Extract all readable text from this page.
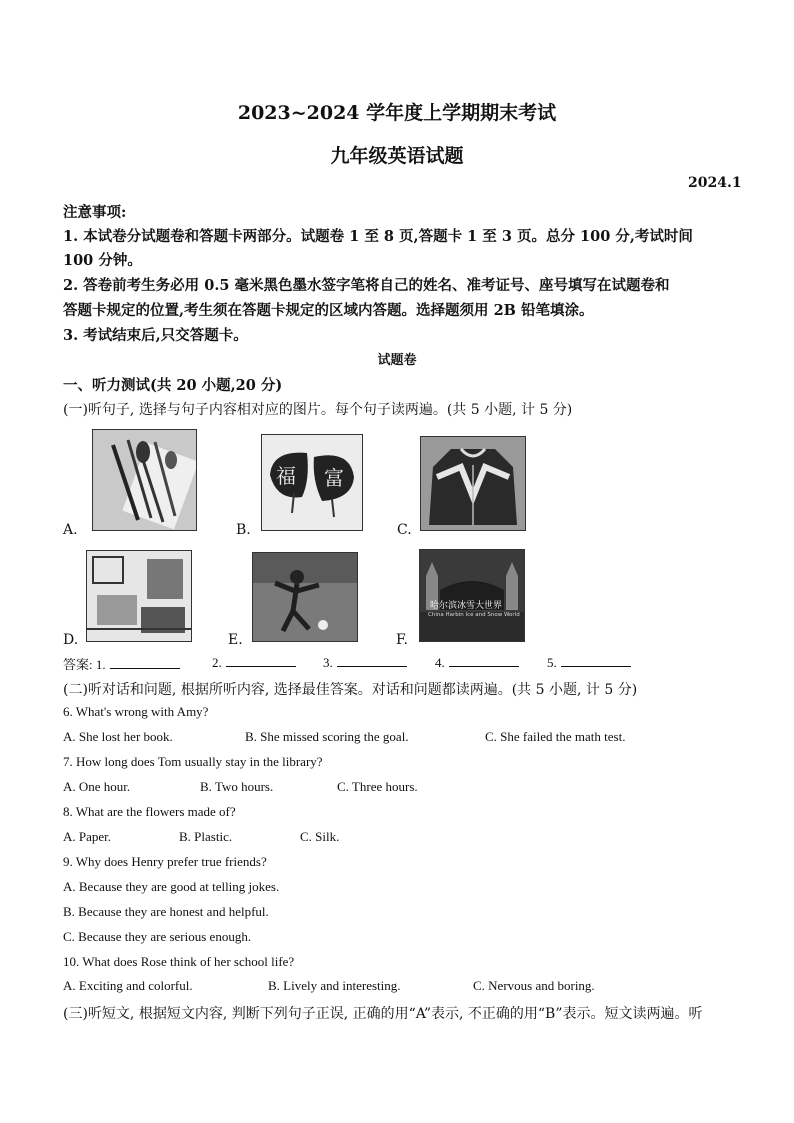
2023~2024 学年度上学期期末考试
九年级英语试题
2024.1
注意事项:
1. 本试卷分试题卷和答题卡两部分。试题卷 1 至 8 页,答题卡 1 至 3 页。总分 100 分,考试时间
100 分钟。
2. 答卷前考生务必用 0.5 毫米黑色墨水签字笔将自己的姓名、准考证号、座号填写在试题卷和
答题卡规定的位置,考生须在答题卡规定的区域内答题。选择题须用 2B 铅笔填涂。
3. 考试结束后,只交答题卡。
试题卷
一、听力测试(共 20 小题,20 分)
(一)听句子, 选择与句子内容相对应的图片。每个句子读两遍。(共 5 小题, 计 5 分)
A.	B.
福 富
C.
D.	E.	F.
哈尔滨冰雪大世界
China Harbin Ice and Snow World
答案: 1.	2.	3.	4.	5.
(二)听对话和问题, 根据所听内容, 选择最佳答案。对话和问题都读两遍。(共 5 小题, 计 5 分)
6. What's wrong with Amy?
A. She lost her book.	B. She missed scoring the goal.	C. She failed the math test.
7. How long does Tom usually stay in the library?
A. One hour.	B. Two hours.	C. Three hours.
8. What are the flowers made of?
A. Paper.	B. Plastic.	C. Silk.
9. Why does Henry prefer true friends?
A. Because they are good at telling jokes.
B. Because they are honest and helpful.
C. Because they are serious enough.
10. What does Rose think of her school life?
A. Exciting and colorful.	B. Lively and interesting.	C. Nervous and boring.
(三)听短文, 根据短文内容, 判断下列句子正误, 正确的用“A”表示, 不正确的用“B”表示。短文读两遍。听
